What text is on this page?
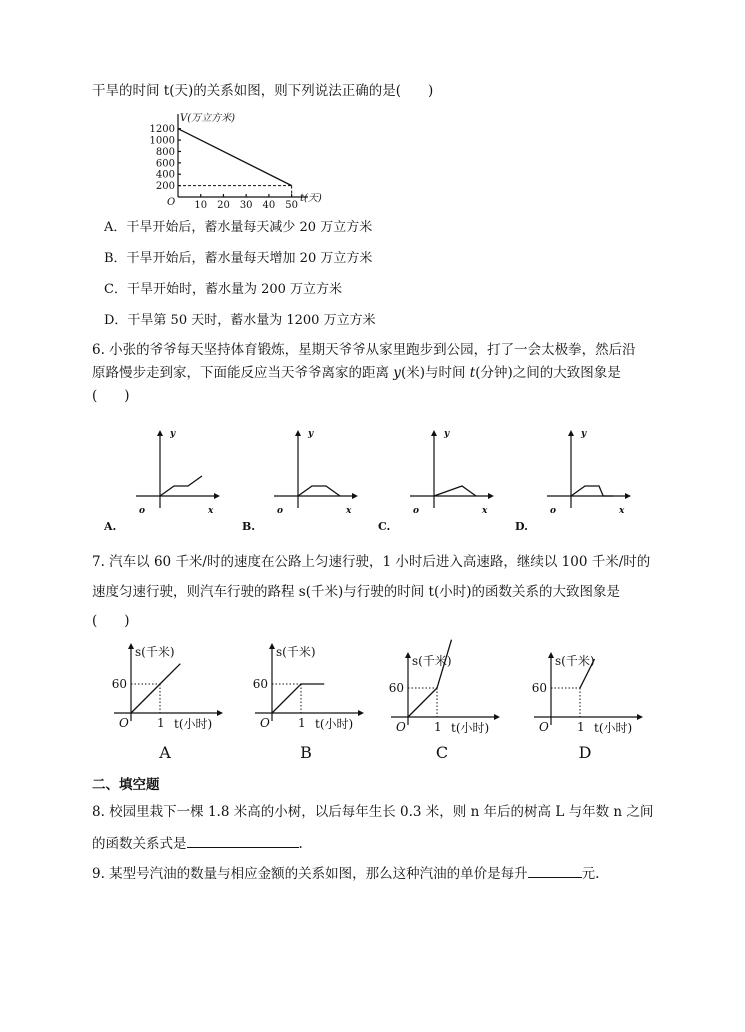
干旱的时间 t(天)的关系如图，则下列说法正确的是(　　)
V(万立方米)
t(天)
O
200
400
600
800
1000
1200
10 20 30 40 50
A．干旱开始后，蓄水量每天减少 20 万立方米
B．干旱开始后，蓄水量每天增加 20 万立方米
C．干旱开始时，蓄水量为 200 万立方米
D．干旱第 50 天时，蓄水量为 1200 万立方米
6. 小张的爷爷每天坚持体育锻炼，星期天爷爷从家里跑步到公园，打了一会太极拳，然后沿
原路慢步走到家，下面能反应当天爷爷离家的距离 y(米)与时间 t(分钟)之间的大致图象是
(　　)
y
x
o
A.
y
x
o
B.
y
x
o
C.
y
x
o
D.
7. 汽车以 60 千米/时的速度在公路上匀速行驶，1 小时后进入高速路，继续以 100 千米/时的
速度匀速行驶，则汽车行驶的路程 s(千米)与行驶的时间 t(小时)的函数关系的大致图象是
(　　)
s(千米)
t(小时)
O
60
1
A
s(千米)
t(小时)
O
60
1
B
s(千米)
t(小时)
O
60
1
C
s(千米)
t(小时)
O
60
1
D
二、填空题
8. 校园里栽下一棵 1.8 米高的小树，以后每年生长 0.3 米，则 n 年后的树高 L 与年数 n 之间
的函数关系式是	.
9. 某型号汽油的数量与相应金额的关系如图，那么这种汽油的单价是每升	元.
